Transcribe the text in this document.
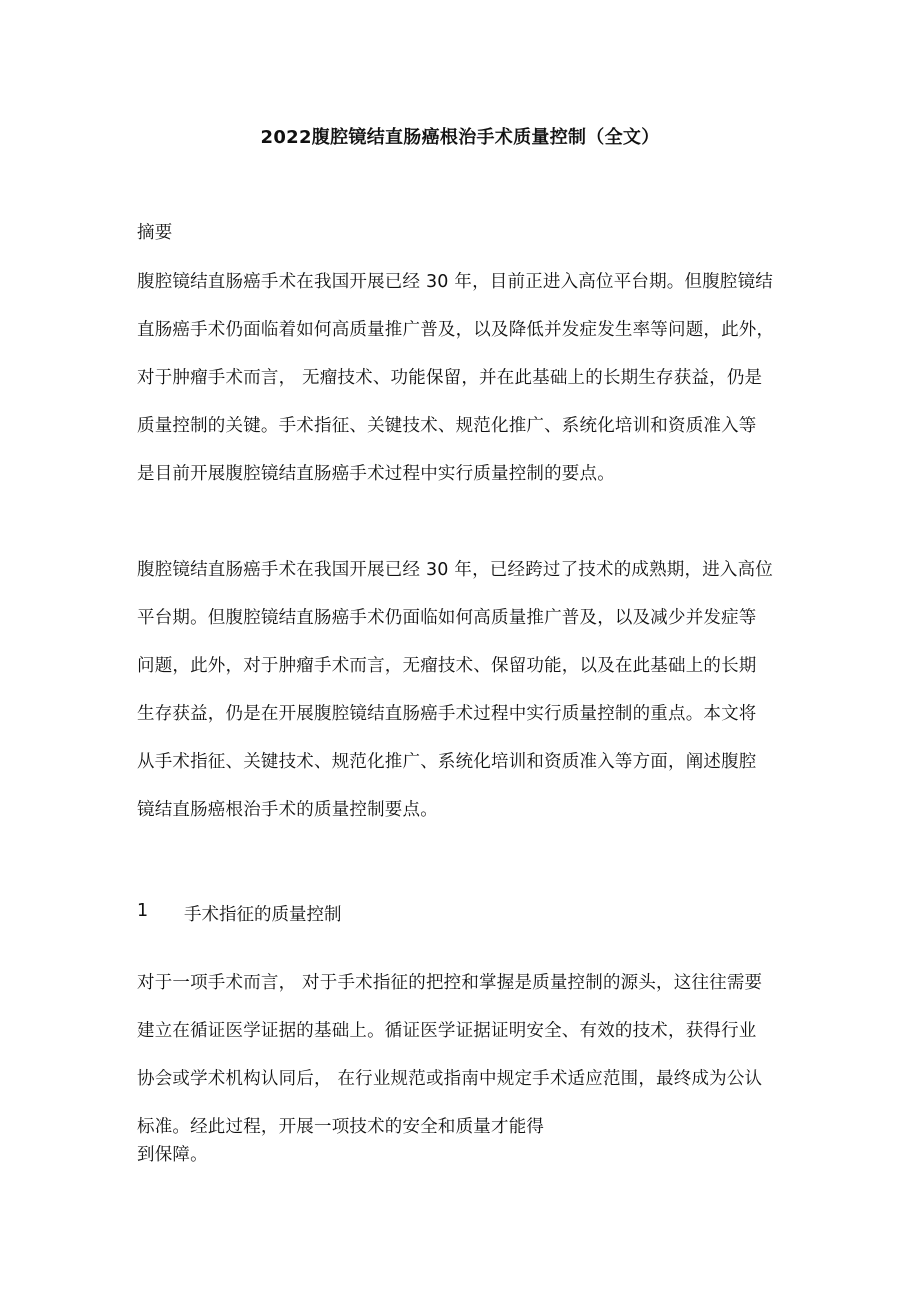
2022腹腔镜结直肠癌根治手术质量控制（全文）
摘要
腹腔镜结直肠癌手术在我国开展已经 30 年，目前正进入高位平台期。但腹腔镜结
直肠癌手术仍面临着如何高质量推广普及，以及降低并发症发生率等问题，此外，
对于肿瘤手术而言， 无瘤技术、功能保留，并在此基础上的长期生存获益，仍是
质量控制的关键。手术指征、关键技术、规范化推广、系统化培训和资质准入等
是目前开展腹腔镜结直肠癌手术过程中实行质量控制的要点。
腹腔镜结直肠癌手术在我国开展已经 30 年，已经跨过了技术的成熟期，进入高位
平台期。但腹腔镜结直肠癌手术仍面临如何高质量推广普及，以及减少并发症等
问题，此外，对于肿瘤手术而言，无瘤技术、保留功能，以及在此基础上的长期
生存获益，仍是在开展腹腔镜结直肠癌手术过程中实行质量控制的重点。本文将
从手术指征、关键技术、规范化推广、系统化培训和资质准入等方面，阐述腹腔
镜结直肠癌根治手术的质量控制要点。
1 手术指征的质量控制
对于一项手术而言， 对于手术指征的把控和掌握是质量控制的源头，这往往需要
建立在循证医学证据的基础上。循证医学证据证明安全、有效的技术，获得行业
协会或学术机构认同后， 在行业规范或指南中规定手术适应范围，最终成为公认
标准。经此过程，开展一项技术的安全和质量才能得
到保障。
